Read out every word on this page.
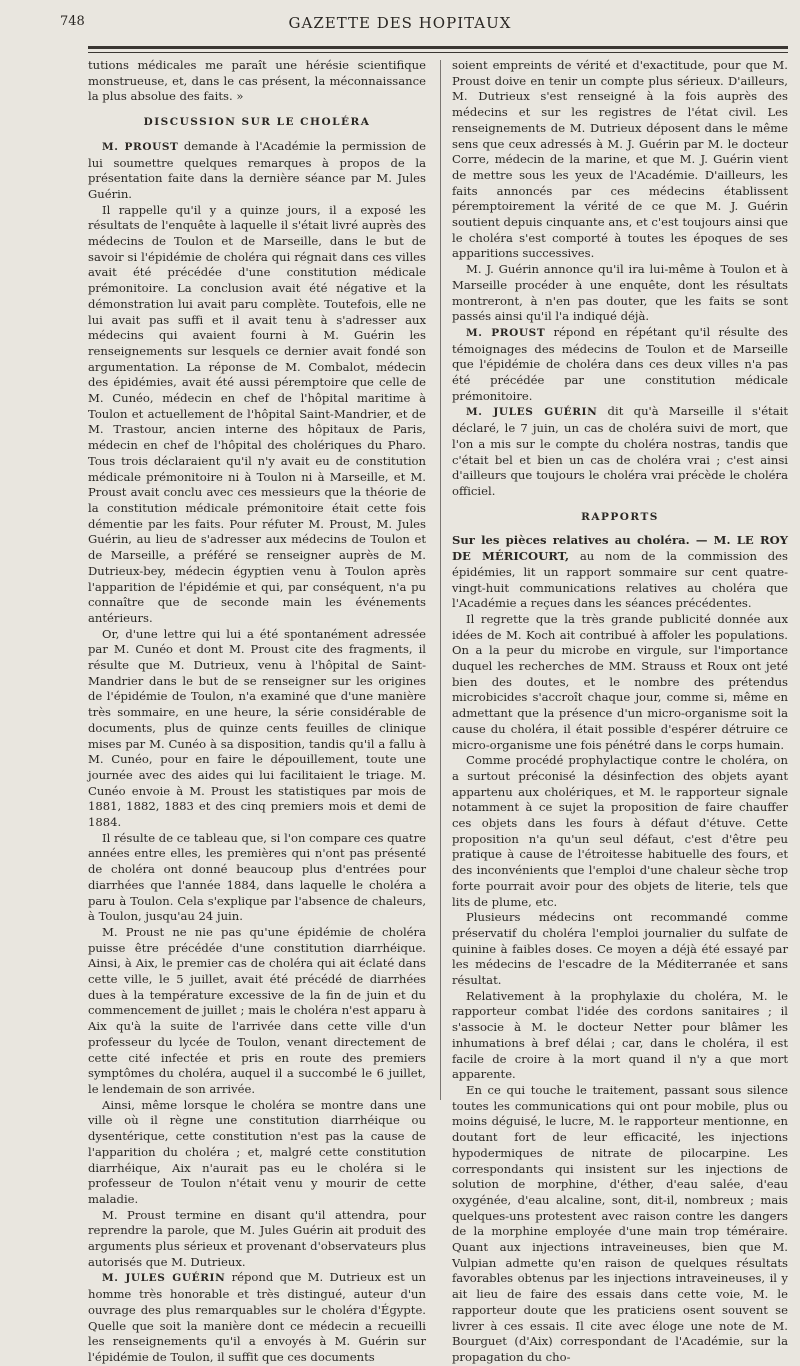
748	GAZETTE DES HOPITAUX

tutions médicales me paraît une hérésie scientifique monstrueuse, et, dans le cas présent, la méconnaissance la plus absolue des faits. »

DISCUSSION SUR LE CHOLÉRA

M. PROUST demande à l'Académie la permission de lui soumettre quelques remarques à propos de la présentation faite dans la dernière séance par M. Jules Guérin.

Il rappelle qu'il y a quinze jours, il a exposé les résultats de l'enquête à laquelle il s'était livré auprès des médecins de Toulon et de Marseille, dans le but de savoir si l'épidémie de choléra qui régnait dans ces villes avait été précédée d'une constitution médicale prémonitoire. La conclusion avait été négative et la démonstration lui avait paru complète. Toutefois, elle ne lui avait pas suffi et il avait tenu à s'adresser aux médecins qui avaient fourni à M. Guérin les renseignements sur lesquels ce dernier avait fondé son argumentation. La réponse de M. Combalot, médecin des épidémies, avait été aussi péremptoire que celle de M. Cunéo, médecin en chef de l'hôpital maritime à Toulon et actuellement de l'hôpital Saint-Mandrier, et de M. Trastour, ancien interne des hôpitaux de Paris, médecin en chef de l'hôpital des cholériques du Pharo. Tous trois déclaraient qu'il n'y avait eu de constitution médicale prémonitoire ni à Toulon ni à Marseille, et M. Proust avait conclu avec ces messieurs que la théorie de la constitution médicale prémonitoire était cette fois démentie par les faits. Pour réfuter M. Proust, M. Jules Guérin, au lieu de s'adresser aux médecins de Toulon et de Marseille, a préféré se renseigner auprès de M. Dutrieux-bey, médecin égyptien venu à Toulon après l'apparition de l'épidémie et qui, par conséquent, n'a pu connaître que de seconde main les événements antérieurs.

Or, d'une lettre qui lui a été spontanément adressée par M. Cunéo et dont M. Proust cite des fragments, il résulte que M. Dutrieux, venu à l'hôpital de Saint-Mandrier dans le but de se renseigner sur les origines de l'épidémie de Toulon, n'a examiné que d'une manière très sommaire, en une heure, la série considérable de documents, plus de quinze cents feuilles de clinique mises par M. Cunéo à sa disposition, tandis qu'il a fallu à M. Cunéo, pour en faire le dépouillement, toute une journée avec des aides qui lui facilitaient le triage. M. Cunéo envoie à M. Proust les statistiques par mois de 1881, 1882, 1883 et des cinq premiers mois et demi de 1884.

Il résulte de ce tableau que, si l'on compare ces quatre années entre elles, les premières qui n'ont pas présenté de choléra ont donné beaucoup plus d'entrées pour diarrhées que l'année 1884, dans laquelle le choléra a paru à Toulon. Cela s'explique par l'absence de chaleurs, à Toulon, jusqu'au 24 juin.

M. Proust ne nie pas qu'une épidémie de choléra puisse être précédée d'une constitution diarrhéique. Ainsi, à Aix, le premier cas de choléra qui ait éclaté dans cette ville, le 5 juillet, avait été précédé de diarrhées dues à la température excessive de la fin de juin et du commencement de juillet ; mais le choléra n'est apparu à Aix qu'à la suite de l'arrivée dans cette ville d'un professeur du lycée de Toulon, venant directement de cette cité infectée et pris en route des premiers symptômes du choléra, auquel il a succombé le 6 juillet, le lendemain de son arrivée.

Ainsi, même lorsque le choléra se montre dans une ville où il règne une constitution diarrhéique ou dysentérique, cette constitution n'est pas la cause de l'apparition du choléra ; et, malgré cette constitution diarrhéique, Aix n'aurait pas eu le choléra si le professeur de Toulon n'était venu y mourir de cette maladie.

M. Proust termine en disant qu'il attendra, pour reprendre la parole, que M. Jules Guérin ait produit des arguments plus sérieux et provenant d'observateurs plus autorisés que M. Dutrieux.

M. JULES GUÉRIN répond que M. Dutrieux est un homme très honorable et très distingué, auteur d'un ouvrage des plus remarquables sur le choléra d'Égypte. Quelle que soit la manière dont ce médecin a recueilli les renseignements qu'il a envoyés à M. Guérin sur l'épidémie de Toulon, il suffit que ces documents

soient empreints de vérité et d'exactitude, pour que M. Proust doive en tenir un compte plus sérieux. D'ailleurs, M. Dutrieux s'est renseigné à la fois auprès des médecins et sur les registres de l'état civil. Les renseignements de M. Dutrieux déposent dans le même sens que ceux adressés à M. J. Guérin par M. le docteur Corre, médecin de la marine, et que M. J. Guérin vient de mettre sous les yeux de l'Académie. D'ailleurs, les faits annoncés par ces médecins établissent péremptoirement la vérité de ce que M. J. Guérin soutient depuis cinquante ans, et c'est toujours ainsi que le choléra s'est comporté à toutes les époques de ses apparitions successives.

M. J. Guérin annonce qu'il ira lui-même à Toulon et à Marseille procéder à une enquête, dont les résultats montreront, à n'en pas douter, que les faits se sont passés ainsi qu'il l'a indiqué déjà.

M. PROUST répond en répétant qu'il résulte des témoignages des médecins de Toulon et de Marseille que l'épidémie de choléra dans ces deux villes n'a pas été précédée par une constitution médicale prémonitoire.

M. JULES GUÉRIN dit qu'à Marseille il s'était déclaré, le 7 juin, un cas de choléra suivi de mort, que l'on a mis sur le compte du choléra nostras, tandis que c'était bel et bien un cas de choléra vrai ; c'est ainsi d'ailleurs que toujours le choléra vrai précède le choléra officiel.

RAPPORTS

Sur les pièces relatives au choléra. — M. LE ROY DE MÉRICOURT, au nom de la commission des épidémies, lit un rapport sommaire sur cent quatre-vingt-huit communications relatives au choléra que l'Académie a reçues dans les séances précédentes.

Il regrette que la très grande publicité donnée aux idées de M. Koch ait contribué à affoler les populations. On a la peur du microbe en virgule, sur l'importance duquel les recherches de MM. Strauss et Roux ont jeté bien des doutes, et le nombre des prétendus microbicides s'accroît chaque jour, comme si, même en admettant que la présence d'un micro-organisme soit la cause du choléra, il était possible d'espérer détruire ce micro-organisme une fois pénétré dans le corps humain.

Comme procédé prophylactique contre le choléra, on a surtout préconisé la désinfection des objets ayant appartenu aux cholériques, et M. le rapporteur signale notamment à ce sujet la proposition de faire chauffer ces objets dans les fours à défaut d'étuve. Cette proposition n'a qu'un seul défaut, c'est d'être peu pratique à cause de l'étroitesse habituelle des fours, et des inconvénients que l'emploi d'une chaleur sèche trop forte pourrait avoir pour des objets de literie, tels que lits de plume, etc.

Plusieurs médecins ont recommandé comme préservatif du choléra l'emploi journalier du sulfate de quinine à faibles doses. Ce moyen a déjà été essayé par les médecins de l'escadre de la Méditerranée et sans résultat.

Relativement à la prophylaxie du choléra, M. le rapporteur combat l'idée des cordons sanitaires ; il s'associe à M. le docteur Netter pour blâmer les inhumations à bref délai ; car, dans le choléra, il est facile de croire à la mort quand il n'y a que mort apparente.

En ce qui touche le traitement, passant sous silence toutes les communications qui ont pour mobile, plus ou moins déguisé, le lucre, M. le rapporteur mentionne, en doutant fort de leur efficacité, les injections hypodermiques de nitrate de pilocarpine. Les correspondants qui insistent sur les injections de solution de morphine, d'éther, d'eau salée, d'eau oxygénée, d'eau alcaline, sont, dit-il, nombreux ; mais quelques-uns protestent avec raison contre les dangers de la morphine employée d'une main trop téméraire. Quant aux injections intraveineuses, bien que M. Vulpian admette qu'en raison de quelques résultats favorables obtenus par les injections intraveineuses, il y ait lieu de faire des essais dans cette voie, M. le rapporteur doute que les praticiens osent souvent se livrer à ces essais. Il cite avec éloge une note de M. Bourguet (d'Aix) correspondant de l'Académie, sur la propagation du cho-
